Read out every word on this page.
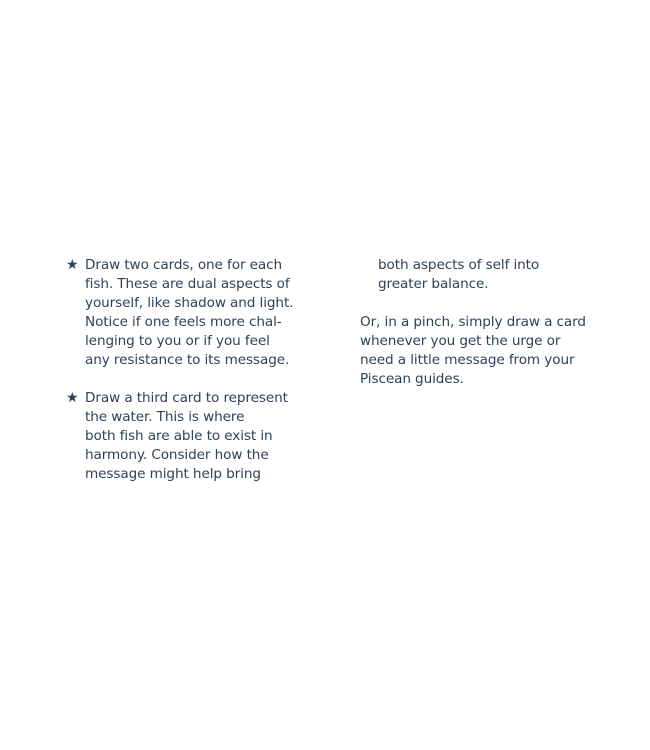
★ Draw two cards, one for each
fish. These are dual aspects of
yourself, like shadow and light.
Notice if one feels more chal-
lenging to you or if you feel
any resistance to its message.
★ Draw a third card to represent
the water. This is where
both fish are able to exist in
harmony. Consider how the
message might help bring
both aspects of self into
greater balance.
Or, in a pinch, simply draw a card
whenever you get the urge or
need a little message from your
Piscean guides.
